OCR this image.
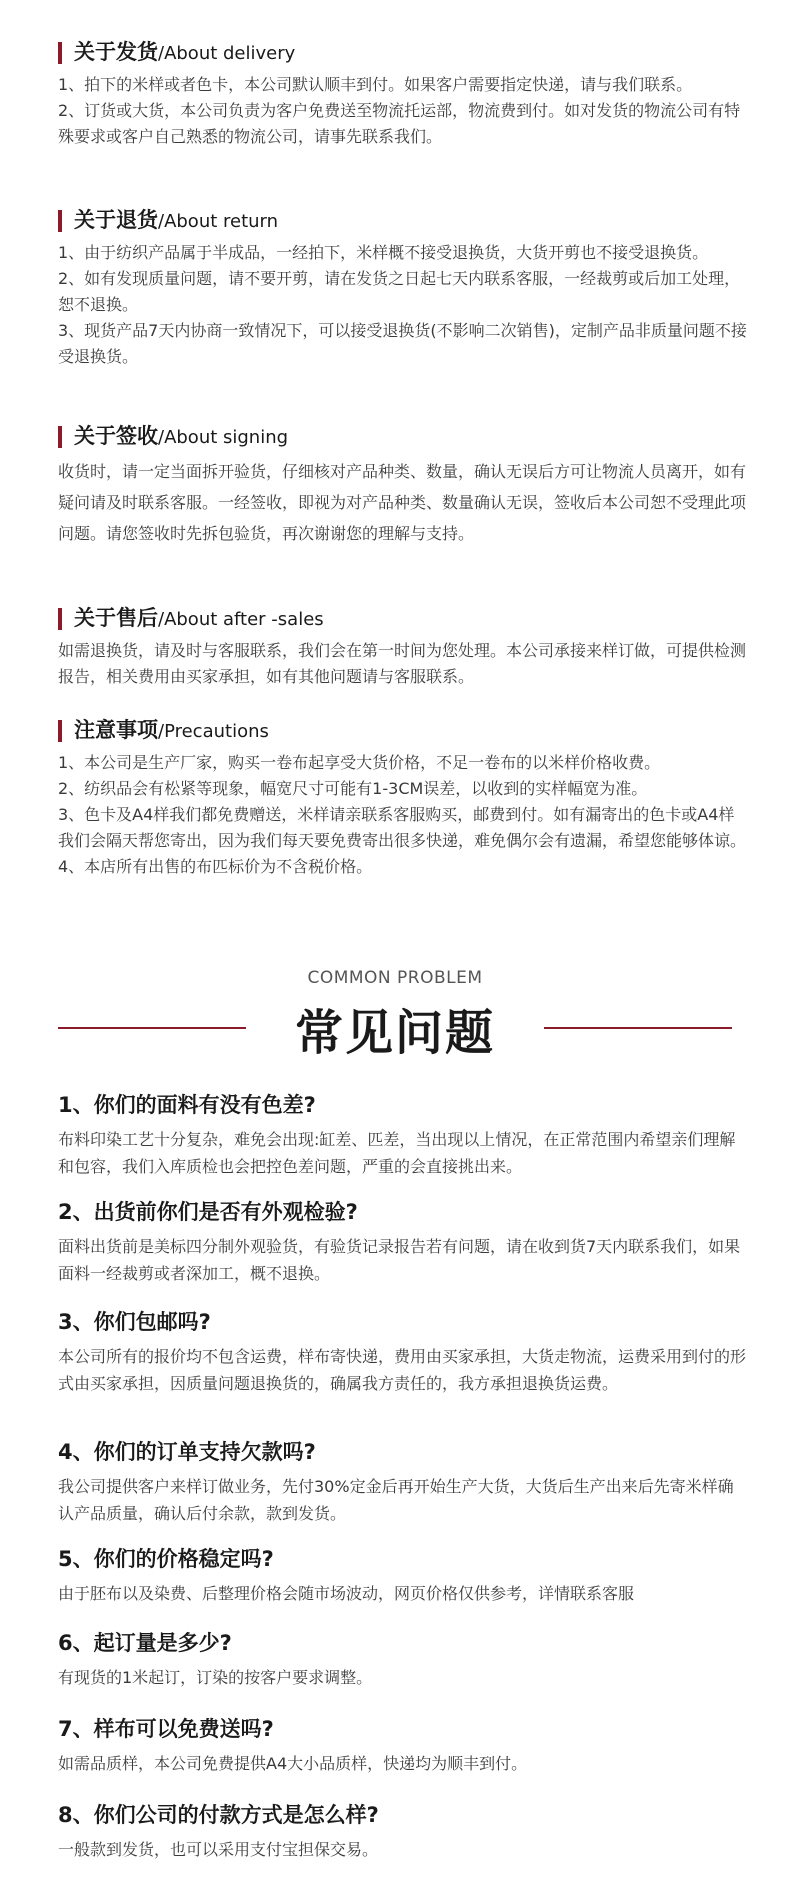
关于发货/About delivery

1、拍下的米样或者色卡，本公司默认顺丰到付。如果客户需要指定快递，请与我们联系。

2、订货或大货，本公司负责为客户免费送至物流托运部，物流费到付。如对发货的物流公司有特殊要求或客户自己熟悉的物流公司，请事先联系我们。

关于退货/About return

1、由于纺织产品属于半成品，一经拍下，米样概不接受退换货，大货开剪也不接受退换货。

2、如有发现质量问题，请不要开剪，请在发货之日起七天内联系客服，一经裁剪或后加工处理，恕不退换。

3、现货产品7天内协商一致情况下，可以接受退换货(不影响二次销售)，定制产品非质量问题不接受退换货。

关于签收/About signing

收货时，请一定当面拆开验货，仔细核对产品种类、数量，确认无误后方可让物流人员离开，如有疑问请及时联系客服。一经签收，即视为对产品种类、数量确认无误，签收后本公司恕不受理此项问题。请您签收时先拆包验货，再次谢谢您的理解与支持。

关于售后/About after -sales

如需退换货，请及时与客服联系，我们会在第一时间为您处理。本公司承接来样订做，可提供检测报告，相关费用由买家承担，如有其他问题请与客服联系。

注意事项/Precautions

1、本公司是生产厂家，购买一卷布起享受大货价格，不足一卷布的以米样价格收费。

2、纺织品会有松紧等现象，幅宽尺寸可能有1-3CM误差，以收到的实样幅宽为准。

3、色卡及A4样我们都免费赠送，米样请亲联系客服购买，邮费到付。如有漏寄出的色卡或A4样我们会隔天帮您寄出，因为我们每天要免费寄出很多快递，难免偶尔会有遗漏，希望您能够体谅。

4、本店所有出售的布匹标价为不含税价格。

COMMON PROBLEM
常见问题

1、你们的面料有没有色差?

布料印染工艺十分复杂，难免会出现:缸差、匹差，当出现以上情况，在正常范围内希望亲们理解和包容，我们入库质检也会把控色差问题，严重的会直接挑出来。

2、出货前你们是否有外观检验?

面料出货前是美标四分制外观验货，有验货记录报告若有问题，请在收到货7天内联系我们，如果面料一经裁剪或者深加工，概不退换。

3、你们包邮吗?

本公司所有的报价均不包含运费，样布寄快递，费用由买家承担，大货走物流，运费采用到付的形式由买家承担，因质量问题退换货的，确属我方责任的，我方承担退换货运费。

4、你们的订单支持欠款吗?

我公司提供客户来样订做业务，先付30%定金后再开始生产大货，大货后生产出来后先寄米样确认产品质量，确认后付余款，款到发货。

5、你们的价格稳定吗?

由于胚布以及染费、后整理价格会随市场波动，网页价格仅供参考，详情联系客服

6、起订量是多少?

有现货的1米起订，订染的按客户要求调整。

7、样布可以免费送吗?

如需品质样，本公司免费提供A4大小品质样，快递均为顺丰到付。

8、你们公司的付款方式是怎么样?

一般款到发货，也可以采用支付宝担保交易。
